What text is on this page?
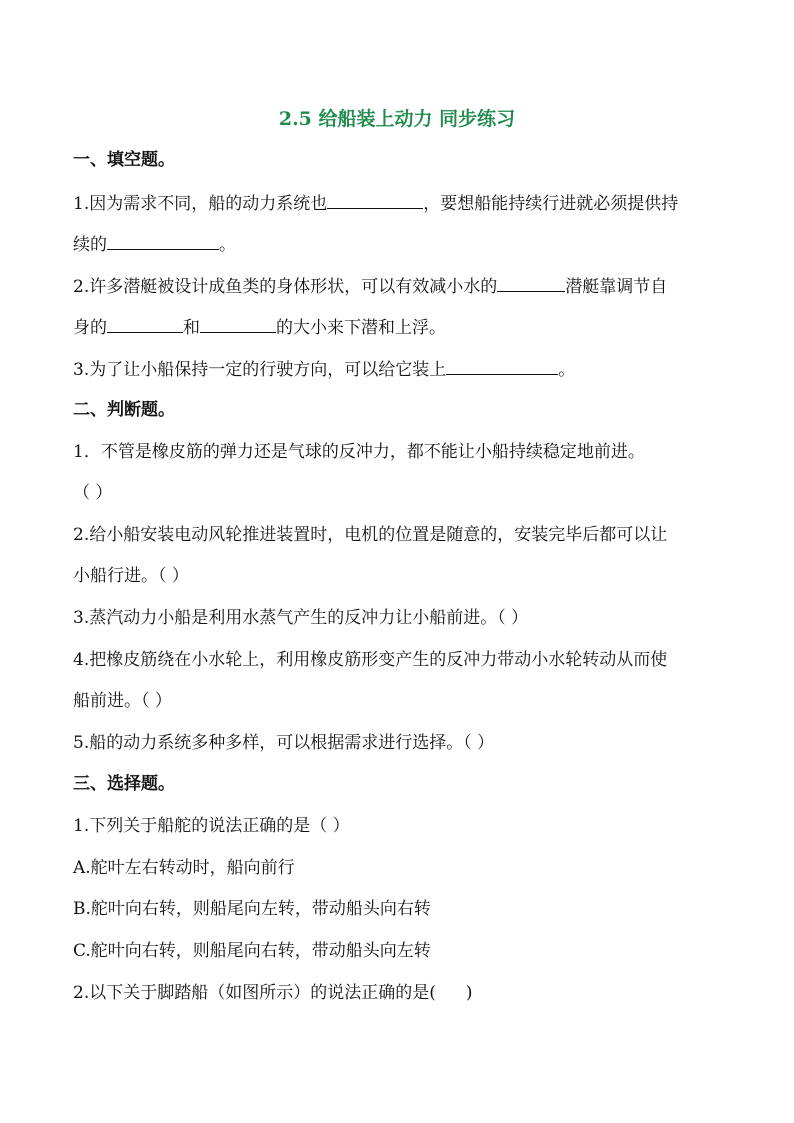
2.5 给船装上动力 同步练习
一、填空题。
1.因为需求不同，船的动力系统也	，要想船能持续行进就必须提供持
续的	。
2.许多潜艇被设计成鱼类的身体形状，可以有效减小水的	潜艇靠调节自
身的	和	的大小来下潜和上浮。
3.为了让小船保持一定的行驶方向，可以给它装上	。
二、判断题。
1．不管是橡皮筋的弹力还是气球的反冲力，都不能让小船持续稳定地前进。
（ ）
2.给小船安装电动风轮推进装置时，电机的位置是随意的，安装完毕后都可以让
小船行进。（ ）
3.蒸汽动力小船是利用水蒸气产生的反冲力让小船前进。（ ）
4.把橡皮筋绕在小水轮上，利用橡皮筋形变产生的反冲力带动小水轮转动从而使
船前进。（ ）
5.船的动力系统多种多样，可以根据需求进行选择。（ ）
三、选择题。
1.下列关于船舵的说法正确的是（ ）
A.舵叶左右转动时，船向前行
B.舵叶向右转，则船尾向左转，带动船头向右转
C.舵叶向右转，则船尾向右转，带动船头向左转
2.以下关于脚踏船（如图所示）的说法正确的是( )
